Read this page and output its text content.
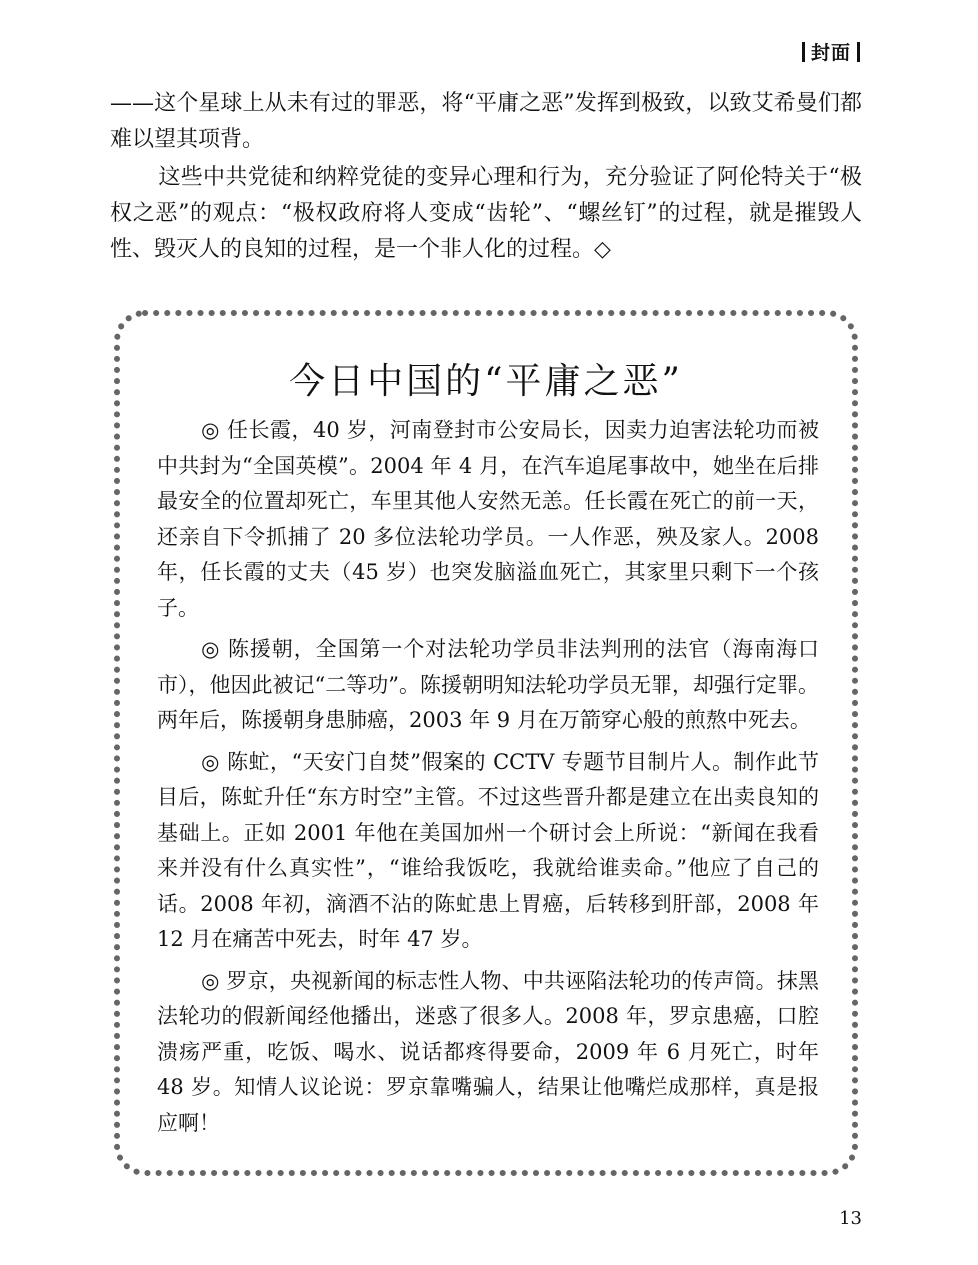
封面

——这个星球上从未有过的罪恶，将“平庸之恶”发挥到极致，以致艾希曼们都难以望其项背。

这些中共党徒和纳粹党徒的变异心理和行为，充分验证了阿伦特关于“极权之恶”的观点：“极权政府将人变成“齿轮”、“螺丝钉”的过程，就是摧毁人性、毁灭人的良知的过程，是一个非人化的过程。◇

今日中国的“平庸之恶”

◎ 任长霞，40 岁，河南登封市公安局长，因卖力迫害法轮功而被中共封为“全国英模”。2004 年 4 月，在汽车追尾事故中，她坐在后排最安全的位置却死亡，车里其他人安然无恙。任长霞在死亡的前一天，还亲自下令抓捕了 20 多位法轮功学员。一人作恶，殃及家人。2008 年，任长霞的丈夫（45 岁）也突发脑溢血死亡，其家里只剩下一个孩子。

◎ 陈援朝，全国第一个对法轮功学员非法判刑的法官（海南海口市），他因此被记“二等功”。陈援朝明知法轮功学员无罪，却强行定罪。两年后，陈援朝身患肺癌，2003 年 9 月在万箭穿心般的煎熬中死去。

◎ 陈虻，“天安门自焚”假案的 CCTV 专题节目制片人。制作此节目后，陈虻升任“东方时空”主管。不过这些晋升都是建立在出卖良知的基础上。正如 2001 年他在美国加州一个研讨会上所说：“新闻在我看来并没有什么真实性”，“谁给我饭吃，我就给谁卖命。”他应了自己的话。2008 年初，滴酒不沾的陈虻患上胃癌，后转移到肝部，2008 年 12 月在痛苦中死去，时年 47 岁。

◎ 罗京，央视新闻的标志性人物、中共诬陷法轮功的传声筒。抹黑法轮功的假新闻经他播出，迷惑了很多人。2008 年，罗京患癌，口腔溃疡严重，吃饭、喝水、说话都疼得要命，2009 年 6 月死亡，时年 48 岁。知情人议论说：罗京靠嘴骗人，结果让他嘴烂成那样，真是报应啊！

13
